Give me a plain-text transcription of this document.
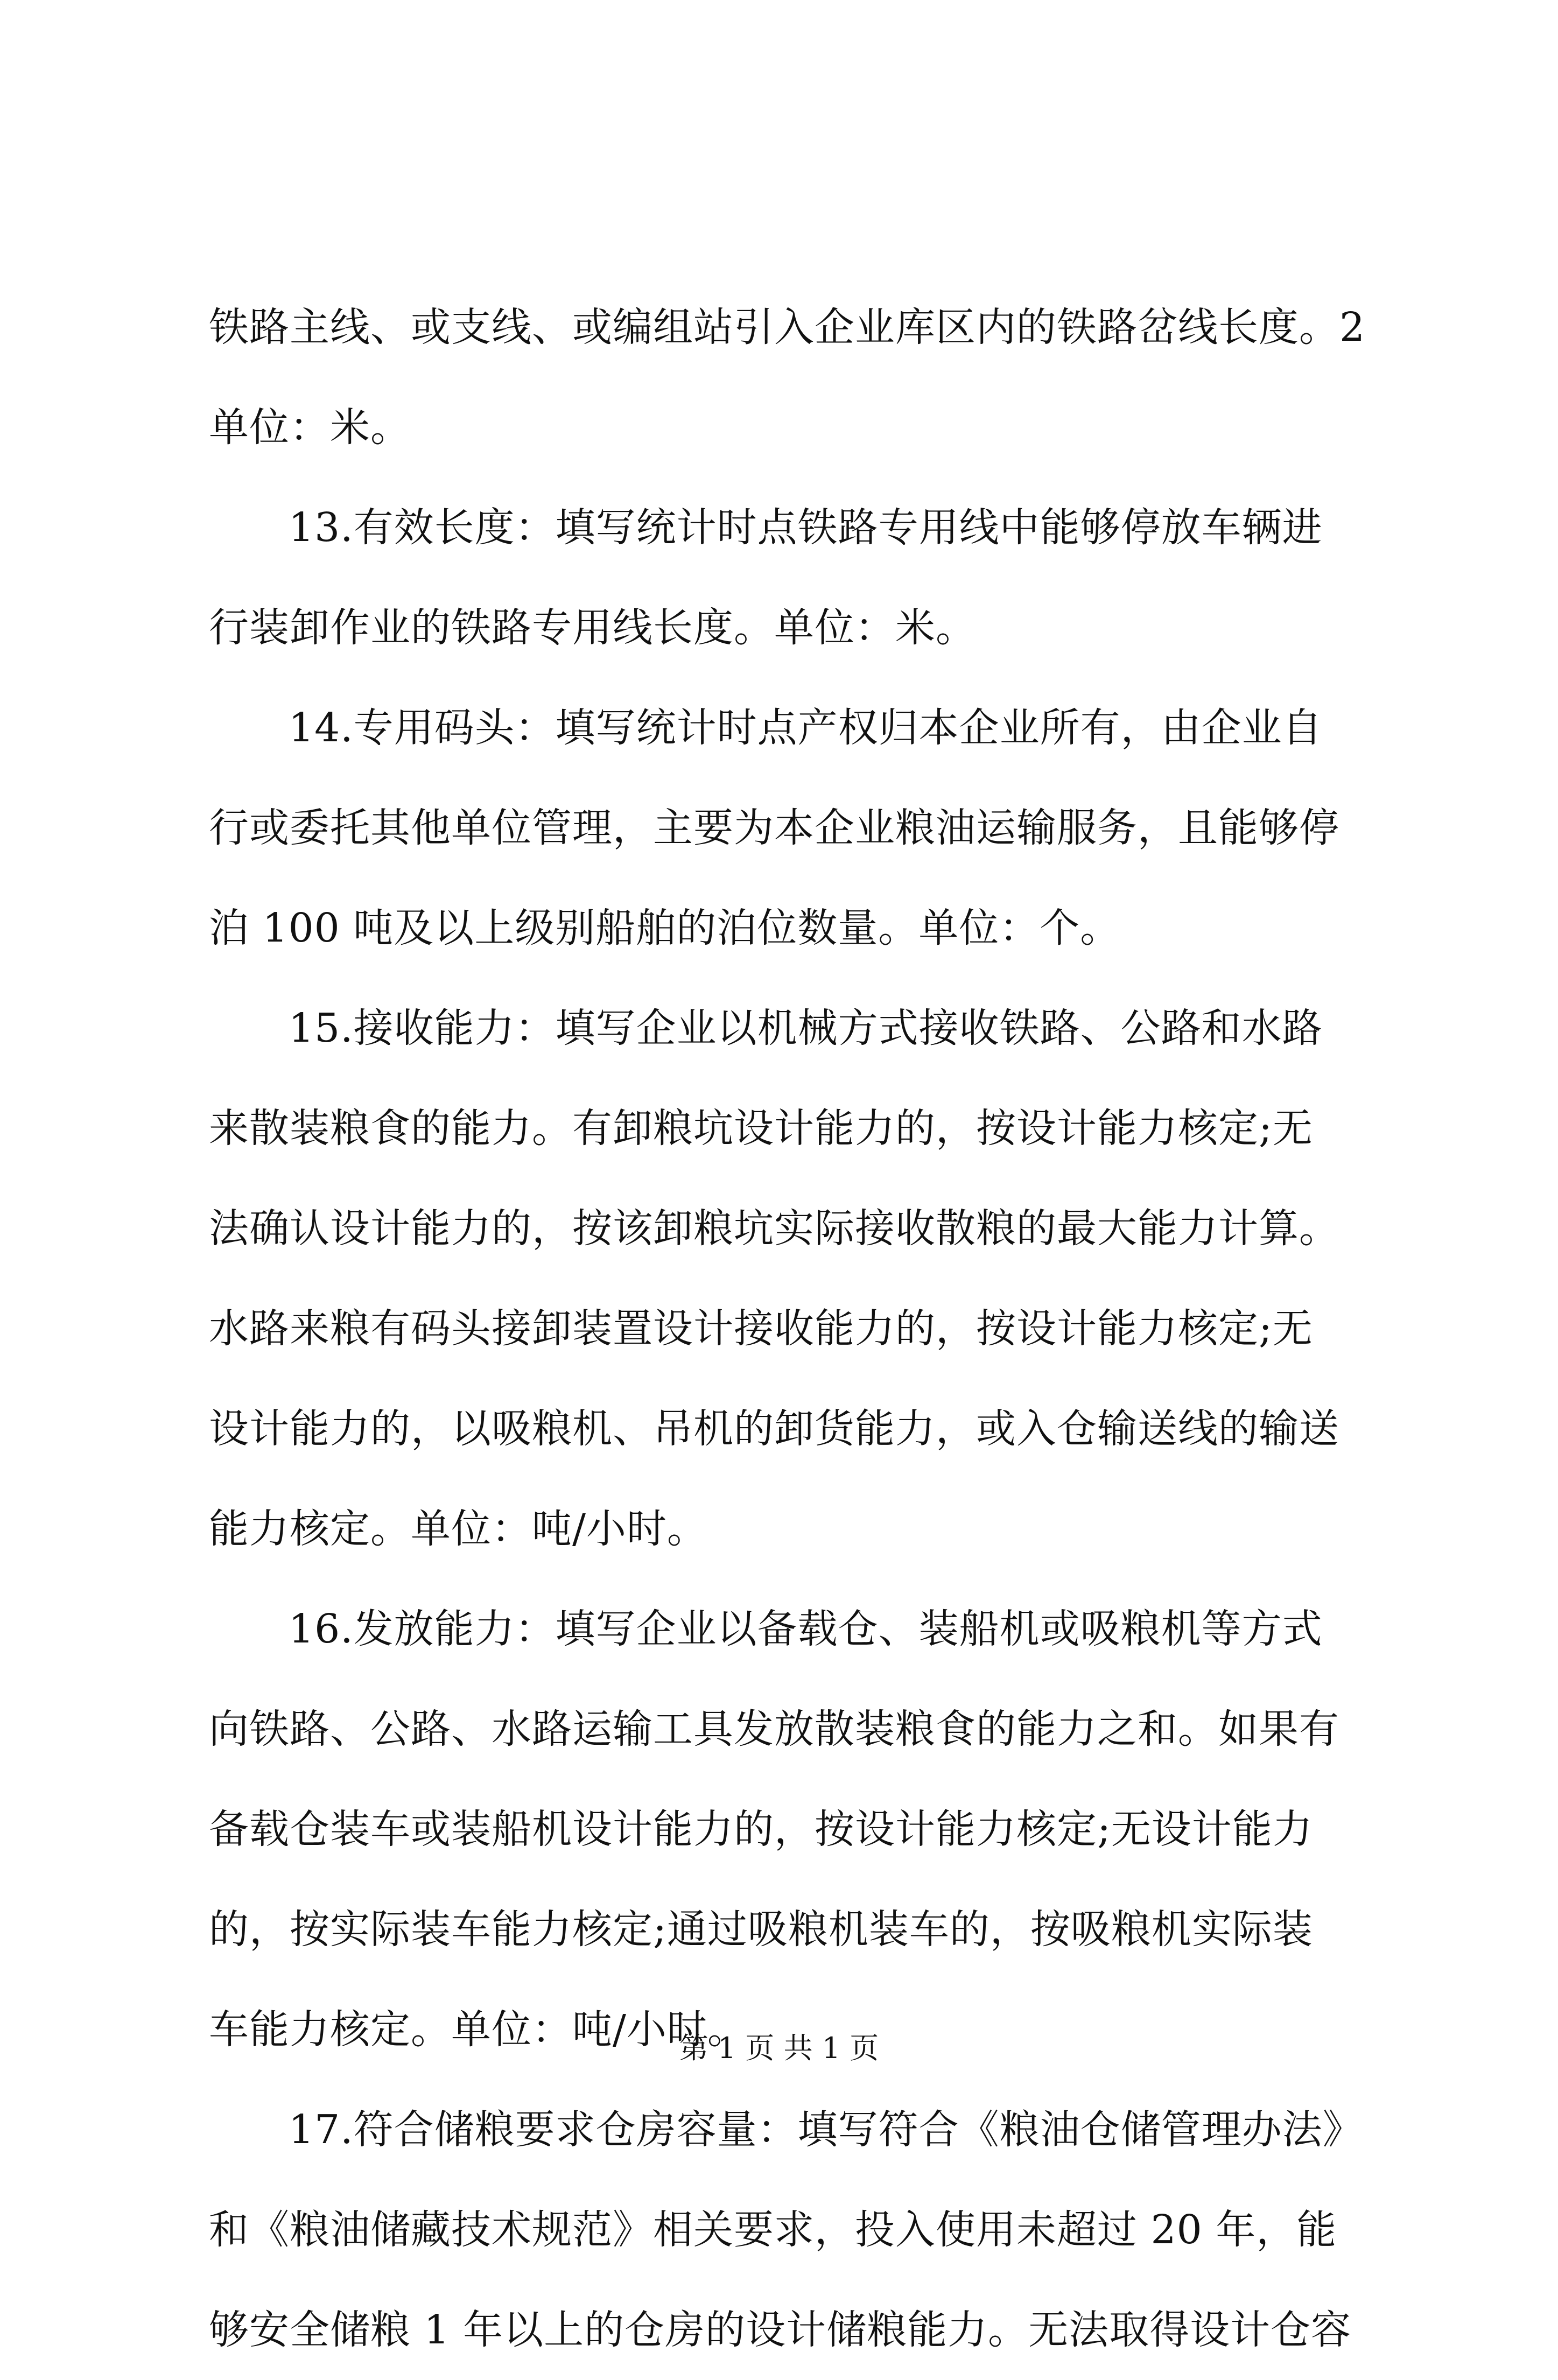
铁路主线、或支线、或编组站引入企业库区内的铁路岔线长度。2
单位：米。
13.有效长度：填写统计时点铁路专用线中能够停放车辆进
行装卸作业的铁路专用线长度。单位：米。
14.专用码头：填写统计时点产权归本企业所有，由企业自
行或委托其他单位管理，主要为本企业粮油运输服务，且能够停
泊 100 吨及以上级别船舶的泊位数量。单位：个。
15.接收能力：填写企业以机械方式接收铁路、公路和水路
来散装粮食的能力。有卸粮坑设计能力的，按设计能力核定;无
法确认设计能力的，按该卸粮坑实际接收散粮的最大能力计算。
水路来粮有码头接卸装置设计接收能力的，按设计能力核定;无
设计能力的，以吸粮机、吊机的卸货能力，或入仓输送线的输送
能力核定。单位：吨/小时。
16.发放能力：填写企业以备载仓、装船机或吸粮机等方式
向铁路、公路、水路运输工具发放散装粮食的能力之和。如果有
备载仓装车或装船机设计能力的，按设计能力核定;无设计能力
的，按实际装车能力核定;通过吸粮机装车的，按吸粮机实际装
车能力核定。单位：吨/小时。
17.符合储粮要求仓房容量：填写符合《粮油仓储管理办法》
和《粮油储藏技术规范》相关要求，投入使用未超过 20 年，能
够安全储粮 1 年以上的仓房的设计储粮能力。无法取得设计仓容
第 1 页 共 1 页
